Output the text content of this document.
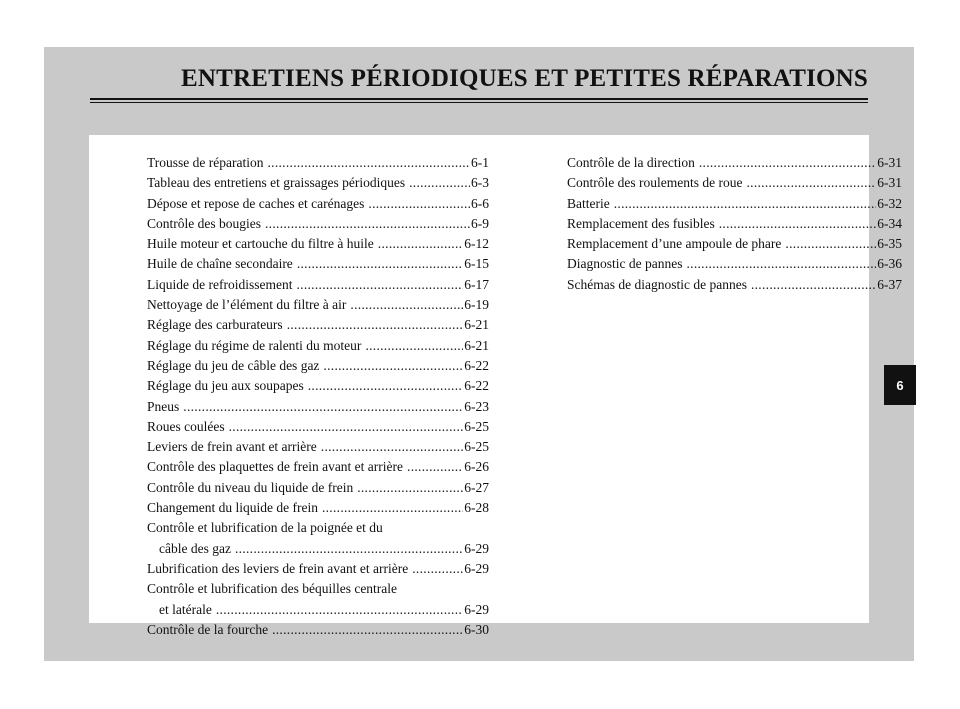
ENTRETIENS PÉRIODIQUES ET PETITES RÉPARATIONS
Trousse de réparation .....	6-1
Tableau des entretiens et graissages périodiques .....	6-3
Dépose et repose de caches et carénages .....	6-6
Contrôle des bougies .....	6-9
Huile moteur et cartouche du filtre à huile .....	6-12
Huile de chaîne secondaire .....	6-15
Liquide de refroidissement .....	6-17
Nettoyage de l’élément du filtre à air .....	6-19
Réglage des carburateurs .....	6-21
Réglage du régime de ralenti du moteur .....	6-21
Réglage du jeu de câble des gaz .....	6-22
Réglage du jeu aux soupapes .....	6-22
Pneus .....	6-23
Roues coulées .....	6-25
Leviers de frein avant et arrière .....	6-25
Contrôle des plaquettes de frein avant et arrière .....	6-26
Contrôle du niveau du liquide de frein .....	6-27
Changement du liquide de frein .....	6-28
Contrôle et lubrification de la poignée et du
câble des gaz .....	6-29
Lubrification des leviers de frein avant et arrière .....	6-29
Contrôle et lubrification des béquilles centrale
et latérale .....	6-29
Contrôle de la fourche .....	6-30
Contrôle de la direction .....	6-31
Contrôle des roulements de roue .....	6-31
Batterie .....	6-32
Remplacement des fusibles .....	6-34
Remplacement d’une ampoule de phare .....	6-35
Diagnostic de pannes .....	6-36
Schémas de diagnostic de pannes .....	6-37
6
